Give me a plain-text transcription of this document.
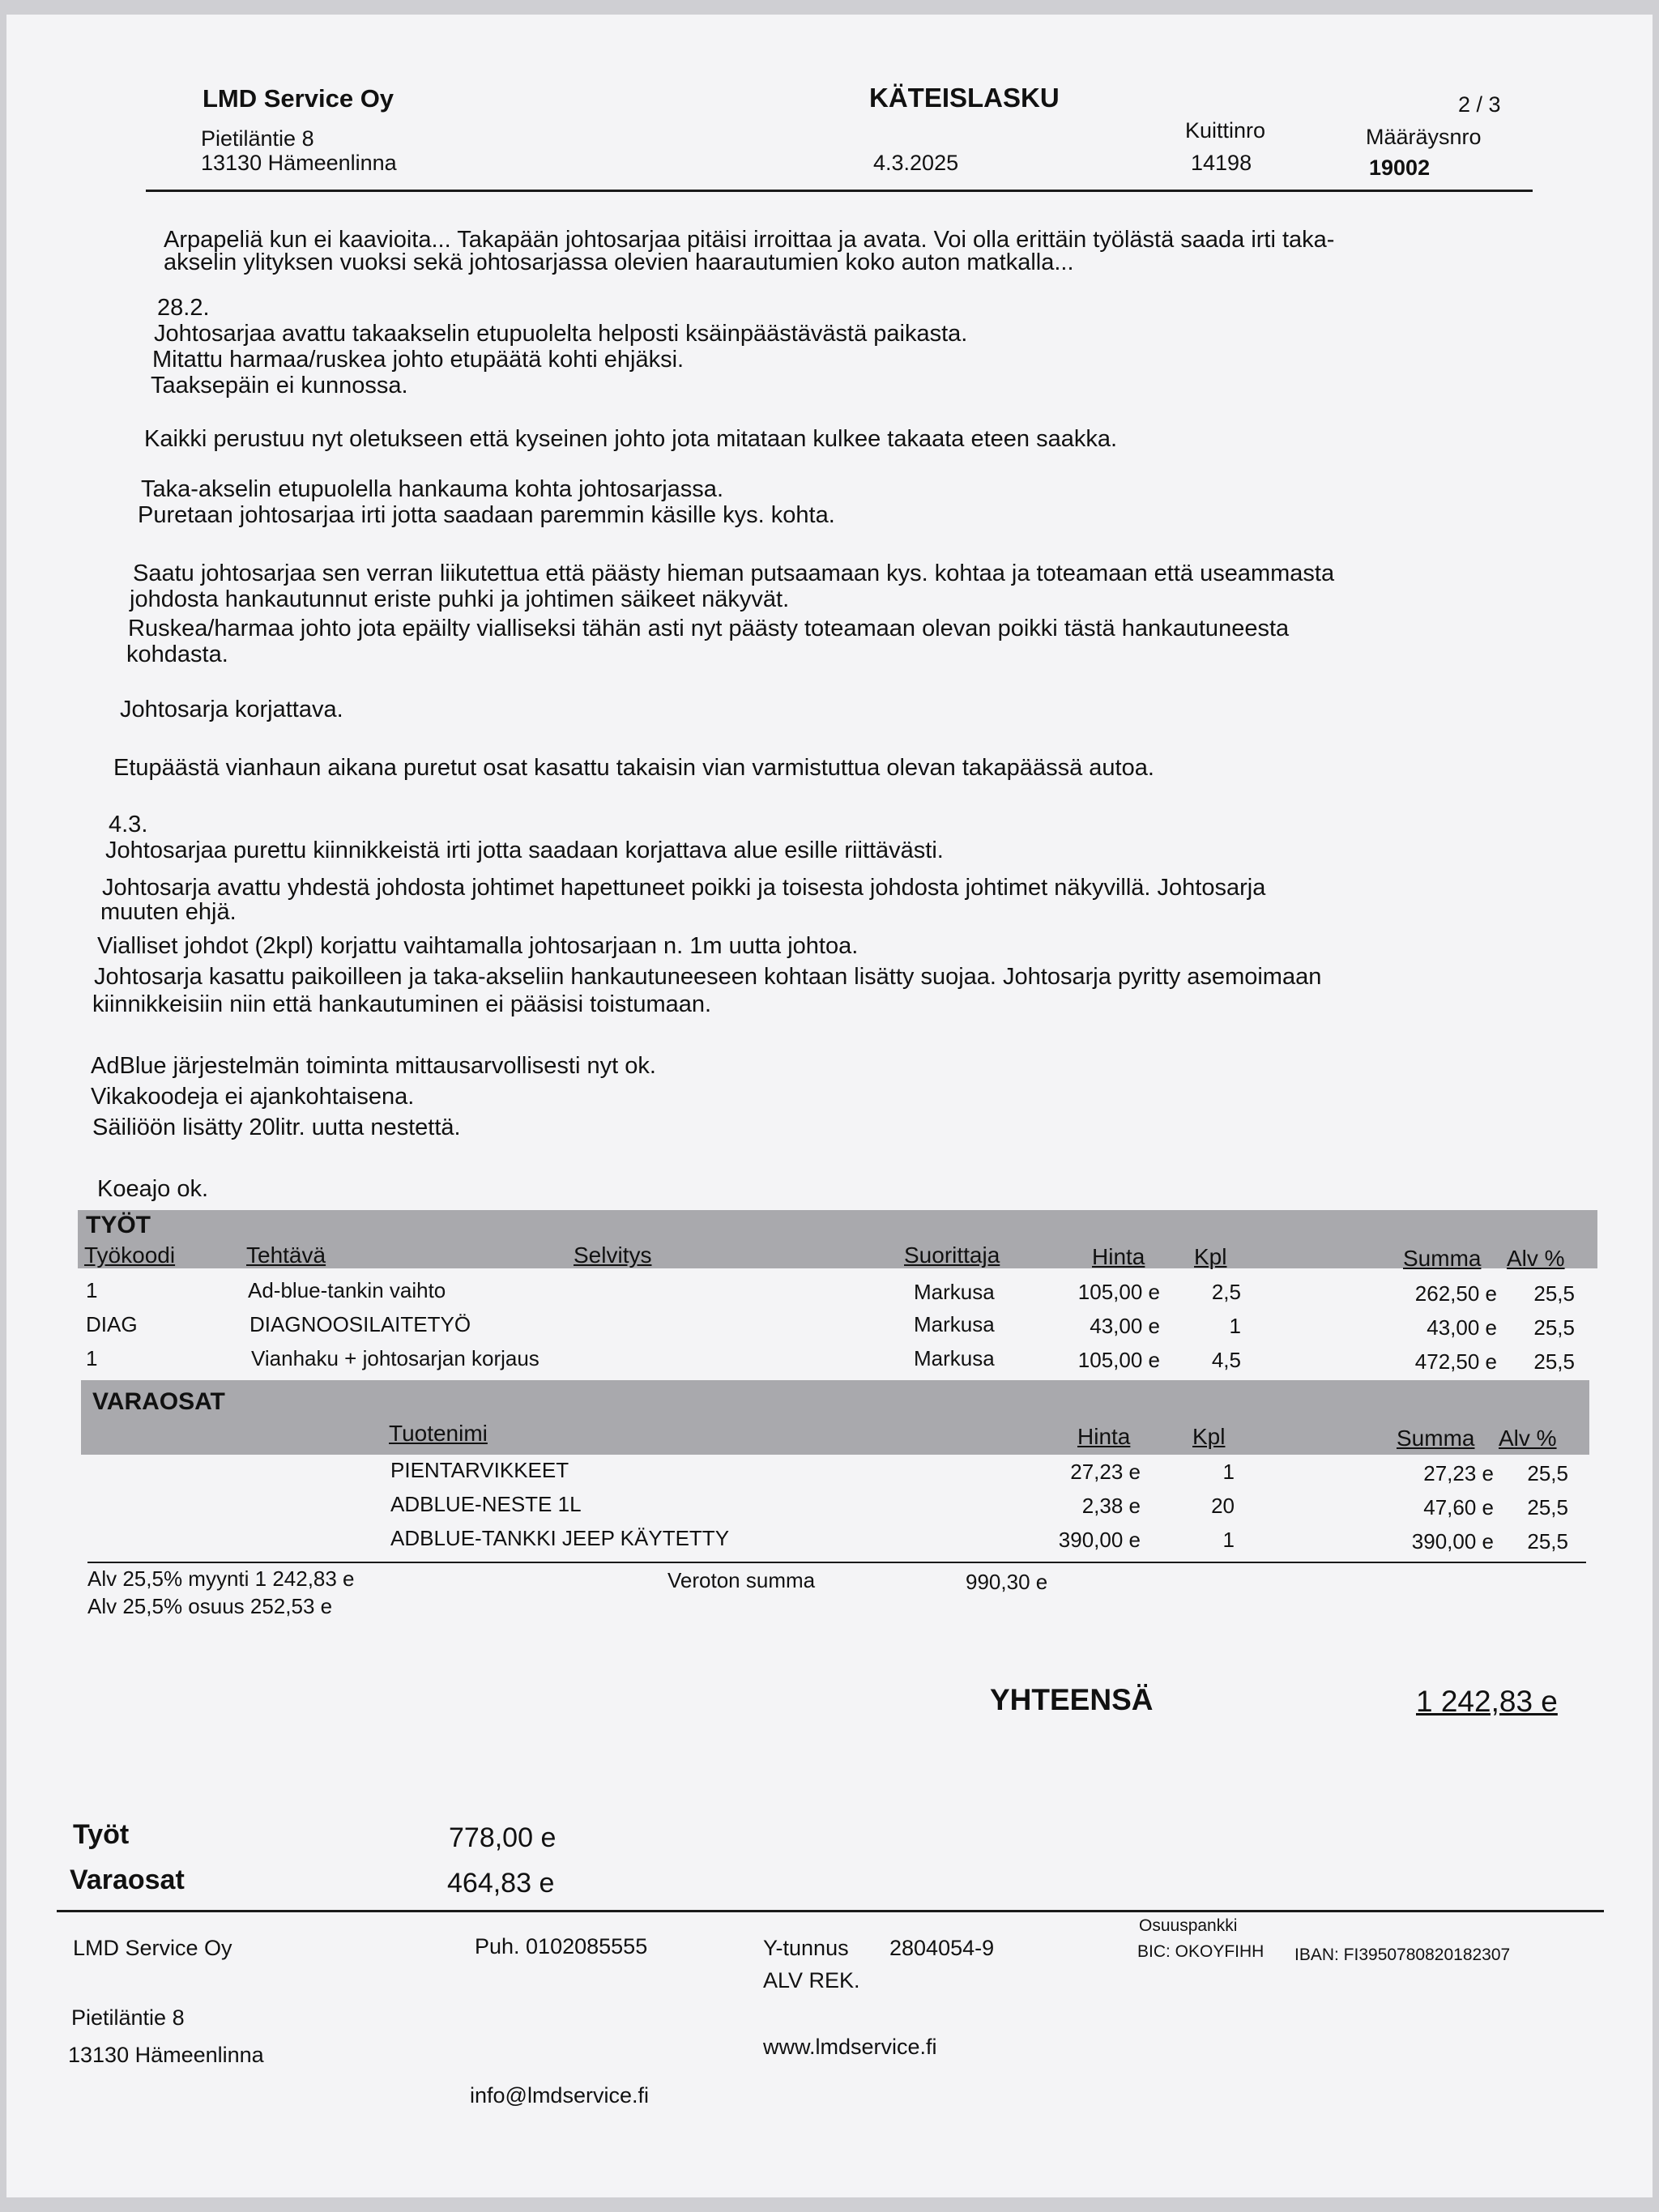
LMD Service Oy
Pietiläntie 8
13130 Hämeenlinna
KÄTEISLASKU
4.3.2025
Kuittinro
14198
Määräysnro
19002
2 / 3
Arpapeliä kun ei kaavioita... Takapään johtosarjaa pitäisi irroittaa ja avata. Voi olla erittäin työlästä saada irti taka-
akselin ylityksen vuoksi sekä johtosarjassa olevien haarautumien koko auton matkalla...
28.2.
Johtosarjaa avattu takaakselin etupuolelta helposti ksäinpäästävästä paikasta.
Mitattu harmaa/ruskea johto etupäätä kohti ehjäksi.
Taaksepäin ei kunnossa.
Kaikki perustuu nyt oletukseen että kyseinen johto jota mitataan kulkee takaata eteen saakka.
Taka-akselin etupuolella hankauma kohta johtosarjassa.
Puretaan johtosarjaa irti jotta saadaan paremmin käsille kys. kohta.
Saatu johtosarjaa sen verran liikutettua että päästy hieman putsaamaan kys. kohtaa ja toteamaan että useammasta
johdosta hankautunnut eriste puhki ja johtimen säikeet näkyvät.
Ruskea/harmaa johto jota epäilty vialliseksi tähän asti nyt päästy toteamaan olevan poikki tästä hankautuneesta
kohdasta.
Johtosarja korjattava.
Etupäästä vianhaun aikana puretut osat kasattu takaisin vian varmistuttua olevan takapäässä autoa.
4.3.
Johtosarjaa purettu kiinnikkeistä irti jotta saadaan korjattava alue esille riittävästi.
Johtosarja avattu yhdestä johdosta johtimet hapettuneet poikki ja toisesta johdosta johtimet näkyvillä. Johtosarja
muuten ehjä.
Vialliset johdot (2kpl) korjattu vaihtamalla johtosarjaan n. 1m uutta johtoa.
Johtosarja kasattu paikoilleen ja taka-akseliin hankautuneeseen kohtaan lisätty suojaa. Johtosarja pyritty asemoimaan
kiinnikkeisiin niin että hankautuminen ei pääsisi toistumaan.
AdBlue järjestelmän toiminta mittausarvollisesti nyt ok.
Vikakoodeja ei ajankohtaisena.
Säiliöön lisätty 20litr. uutta nestettä.
Koeajo ok.
TYÖT
Työkoodi	Tehtävä	Selvitys	Suorittaja	Hinta Kpl	Summa Alv %
1	Ad-blue-tankin vaihto	Markusa	105,00 e	2,5	262,50 e	25,5
DIAG	DIAGNOOSILAITETYÖ	Markusa	43,00 e	1	43,00 e	25,5
1	Vianhaku + johtosarjan korjaus	Markusa	105,00 e	4,5	472,50 e	25,5
VARAOSAT
Tuotenimi	Hinta	Kpl	Summa Alv %
PIENTARVIKKEET	27,23 e	1	27,23 e	25,5
ADBLUE-NESTE 1L	2,38 e	20	47,60 e	25,5
ADBLUE-TANKKI JEEP KÄYTETTY	390,00 e	1	390,00 e	25,5
Alv 25,5% myynti 1 242,83 e
Alv 25,5% osuus 252,53 e
Veroton summa	990,30 e
YHTEENSÄ	1 242,83 e
Työt	778,00 e
Varaosat	464,83 e
LMD Service Oy	Puh. 0102085555	Y-tunnus 2804054-9
ALV REK.
Osuuspankki
BIC: OKOYFIHH IBAN: FI3950780820182307
Pietiläntie 8
13130 Hämeenlinna	www.lmdservice.fi
info@lmdservice.fi
